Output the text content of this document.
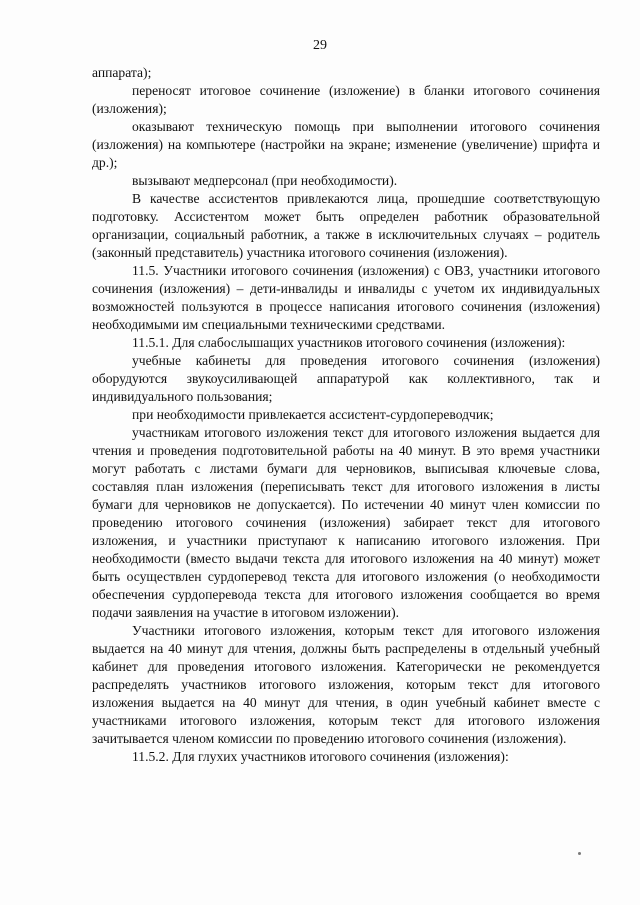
29

аппарата);

переносят итоговое сочинение (изложение) в бланки итогового сочинения (изложения);

оказывают техническую помощь при выполнении итогового сочинения (изложения) на компьютере (настройки на экране; изменение (увеличение) шрифта и др.);

вызывают медперсонал (при необходимости).

В качестве ассистентов привлекаются лица, прошедшие соответствующую подготовку. Ассистентом может быть определен работник образовательной организации, социальный работник, а также в исключительных случаях – родитель (законный представитель) участника итогового сочинения (изложения).

11.5. Участники итогового сочинения (изложения) с ОВЗ, участники итогового сочинения (изложения) – дети-инвалиды и инвалиды с учетом их индивидуальных возможностей пользуются в процессе написания итогового сочинения (изложения) необходимыми им специальными техническими средствами.

11.5.1. Для слабослышащих участников итогового сочинения (изложения):

учебные кабинеты для проведения итогового сочинения (изложения) оборудуются звукоусиливающей аппаратурой как коллективного, так и индивидуального пользования;

при необходимости привлекается ассистент-сурдопереводчик;

участникам итогового изложения текст для итогового изложения выдается для чтения и проведения подготовительной работы на 40 минут. В это время участники могут работать с листами бумаги для черновиков, выписывая ключевые слова, составляя план изложения (переписывать текст для итогового изложения в листы бумаги для черновиков не допускается). По истечении 40 минут член комиссии по проведению итогового сочинения (изложения) забирает текст для итогового изложения, и участники приступают к написанию итогового изложения. При необходимости (вместо выдачи текста для итогового изложения на 40 минут) может быть осуществлен сурдоперевод текста для итогового изложения (о необходимости обеспечения сурдоперевода текста для итогового изложения сообщается во время подачи заявления на участие в итоговом изложении).

Участники итогового изложения, которым текст для итогового изложения выдается на 40 минут для чтения, должны быть распределены в отдельный учебный кабинет для проведения итогового изложения. Категорически не рекомендуется распределять участников итогового изложения, которым текст для итогового изложения выдается на 40 минут для чтения, в один учебный кабинет вместе с участниками итогового изложения, которым текст для итогового изложения зачитывается членом комиссии по проведению итогового сочинения (изложения).

11.5.2. Для глухих участников итогового сочинения (изложения):
